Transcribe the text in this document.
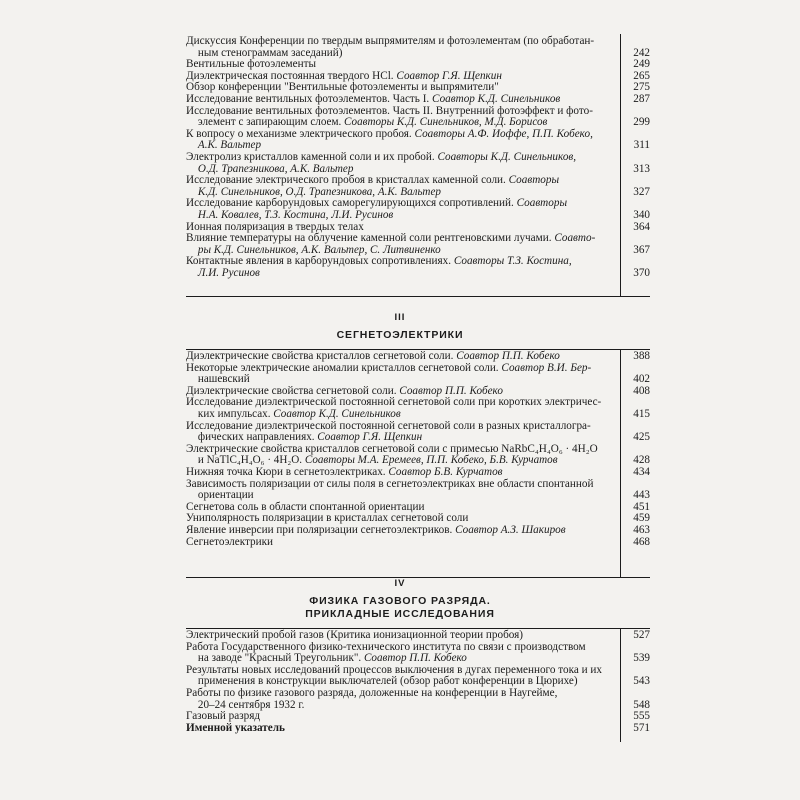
Дискуссия Конференции по твердым выпрямителям и фотоэлементам (по обработан-
ным стенограммам заседаний)	242
Вентильные фотоэлементы	249
Диэлектрическая постоянная твердого HCl. Соавтор Г.Я. Щепкин	265
Обзор конференции "Вентильные фотоэлементы и выпрямители"	275
Исследование вентильных фотоэлементов. Часть I. Соавтор К.Д. Синельников	287
Исследование вентильных фотоэлементов. Часть II. Внутренний фотоэффект и фото-
элемент с запирающим слоем. Соавторы К.Д. Синельников, М.Д. Борисов	299
К вопросу о механизме электрического пробоя. Соавторы А.Ф. Иоффе, П.П. Кобеко,
А.К. Вальтер	311
Электролиз кристаллов каменной соли и их пробой. Соавторы К.Д. Синельников,
О.Д. Трапезникова, А.К. Вальтер	313
Исследование электрического пробоя в кристаллах каменной соли. Соавторы
К.Д. Синельников, О.Д. Трапезникова, А.К. Вальтер	327
Исследование карборундовых саморегулирующихся сопротивлений. Соавторы
Н.А. Ковалев, Т.З. Костина, Л.И. Русинов	340
Ионная поляризация в твердых телах	364
Влияние температуры на облучение каменной соли рентгеновскими лучами. Соавто-
ры К.Д. Синельников, А.К. Вальтер, С. Литвиненко	367
Контактные явления в карборундовых сопротивлениях. Соавторы Т.З. Костина,
Л.И. Русинов	370
III
СЕГНЕТОЭЛЕКТРИКИ
Диэлектрические свойства кристаллов сегнетовой соли. Соавтор П.П. Кобеко	388
Некоторые электрические аномалии кристаллов сегнетовой соли. Соавтор В.И. Бер-
нашевский	402
Диэлектрические свойства сегнетовой соли. Соавтор П.П. Кобеко	408
Исследование диэлектрической постоянной сегнетовой соли при коротких электричес-
ких импульсах. Соавтор К.Д. Синельников	415
Исследование диэлектрической постоянной сегнетовой соли в разных кристаллогра-
фических направлениях. Соавтор Г.Я. Щепкин	425
Электрические свойства кристаллов сегнетовой соли с примесью NaRbC₄H₄O₆ · 4H₂O
и NaTlC₄H₄O₆ · 4H₂O. Соавторы М.А. Еремеев, П.П. Кобеко, Б.В. Курчатов	428
Нижняя точка Кюри в сегнетоэлектриках. Соавтор Б.В. Курчатов	434
Зависимость поляризации от силы поля в сегнетоэлектриках вне области спонтанной
ориентации	443
Сегнетова соль в области спонтанной ориентации	451
Униполярность поляризации в кристаллах сегнетовой соли	459
Явление инверсии при поляризации сегнетоэлектриков. Соавтор А.З. Шакиров	463
Сегнетоэлектрики	468
IV
ФИЗИКА ГАЗОВОГО РАЗРЯДА.
ПРИКЛАДНЫЕ ИССЛЕДОВАНИЯ
Электрический пробой газов (Критика ионизационной теории пробоя)	527
Работа Государственного физико-технического института по связи с производством
на заводе "Красный Треугольник". Соавтор П.П. Кобеко	539
Результаты новых исследований процессов выключения в дугах переменного тока и их
применения в конструкции выключателей (обзор работ конференции в Цюрихе)	543
Работы по физике газового разряда, доложенные на конференции в Наугейме,
20–24 сентября 1932 г.	548
Газовый разряд	555
Именной указатель	571
